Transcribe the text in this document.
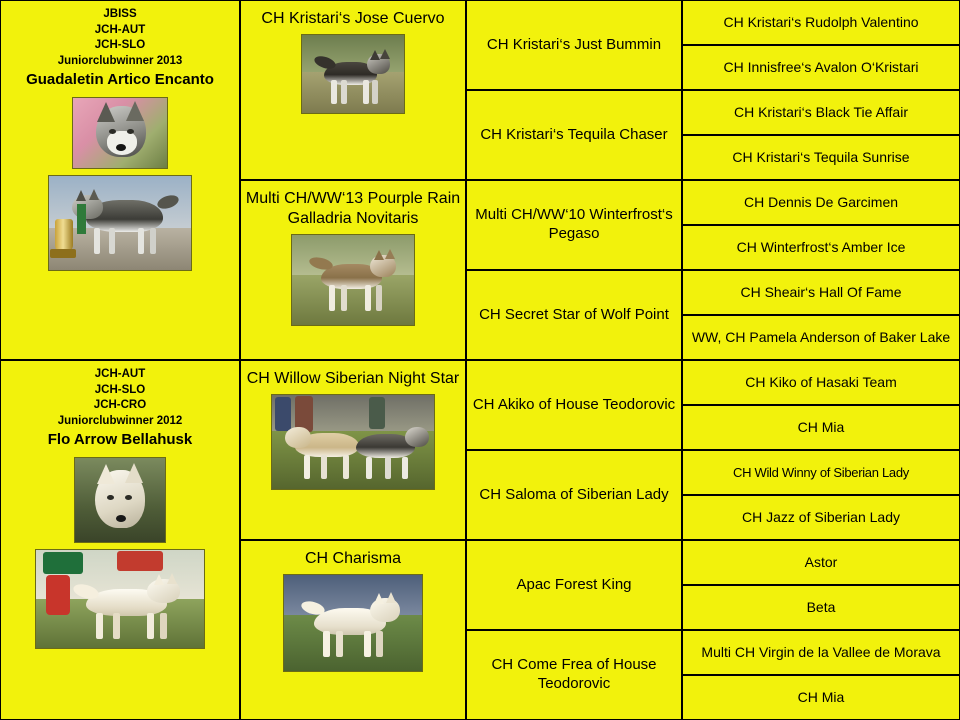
JBISS
JCH-AUT
JCH-SLO
Juniorclubwinner 2013
Guadaletin Artico Encanto
JCH-AUT
JCH-SLO
JCH-CRO
Juniorclubwinner 2012
Flo Arrow Bellahusk
CH Kristari‘s Jose Cuervo
Multi CH/WW‘13 Pourple Rain Galladria Novitaris
CH Willow Siberian Night Star
CH Charisma
CH Kristari‘s Just Bummin
CH Kristari‘s Tequila Chaser
Multi CH/WW‘10 Winterfrost‘s Pegaso
CH Secret Star of Wolf Point
CH Akiko of House Teodorovic
CH Saloma of Siberian Lady
Apac Forest King
CH Come Frea of House Teodorovic
CH Kristari‘s Rudolph Valentino
CH Innisfree‘s Avalon O‘Kristari
CH Kristari‘s Black Tie Affair
CH Kristari‘s Tequila Sunrise
CH Dennis De Garcimen
CH Winterfrost‘s Amber Ice
CH Sheair‘s Hall Of Fame
WW, CH Pamela Anderson of Baker Lake
CH Kiko of Hasaki Team
CH Mia
CH Wild Winny of Siberian Lady
CH Jazz of Siberian Lady
Astor
Beta
Multi CH Virgin de la Vallee de Morava
CH Mia
